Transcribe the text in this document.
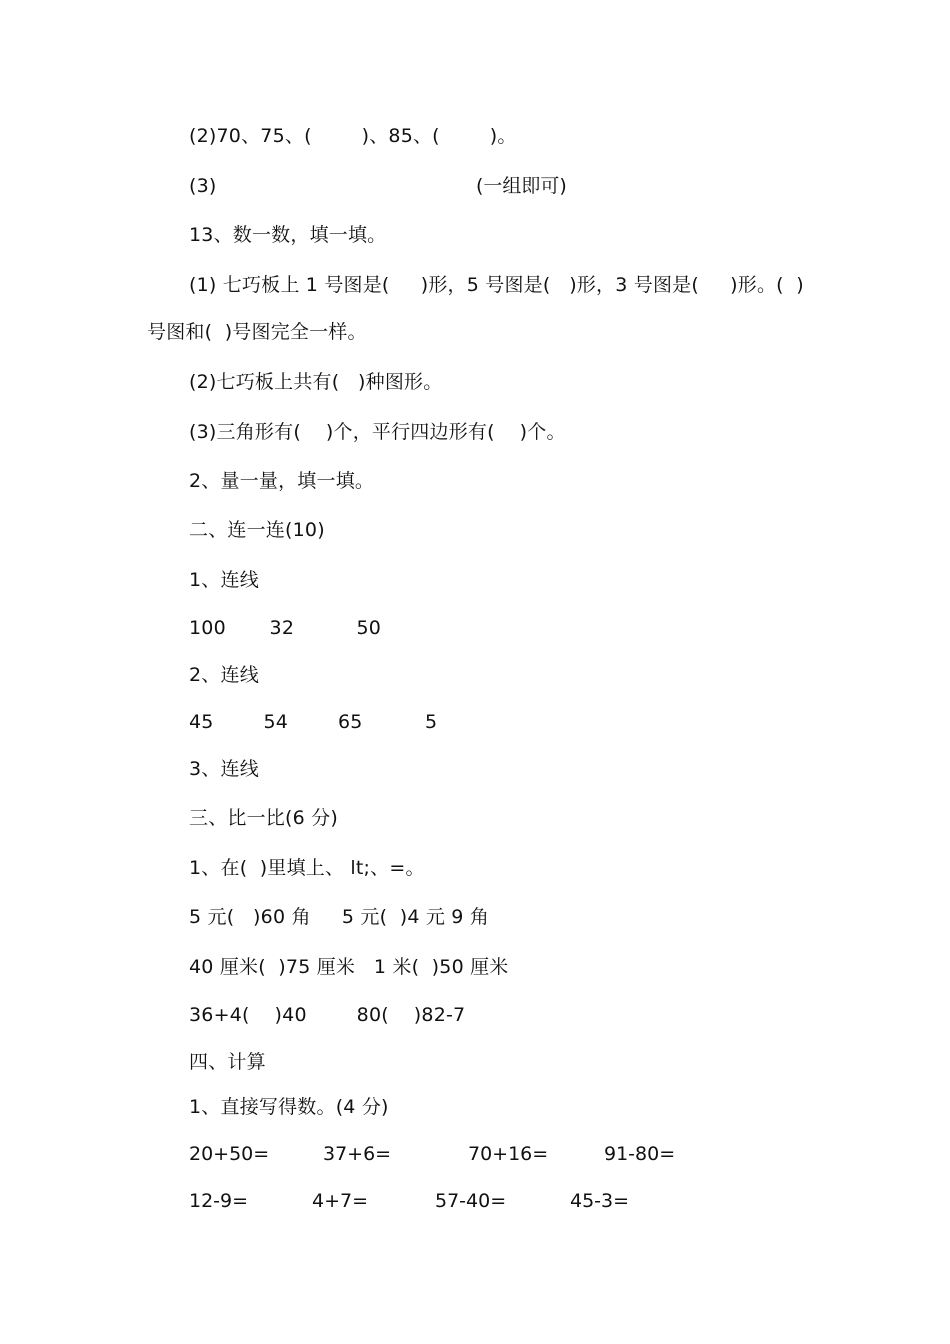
(2)70、75、(        )、85、(        )。
(3)	(一组即可)
13、数一数，填一填。
(1) 七巧板上 1 号图是(     )形，5 号图是(   )形，3 号图是(     )形。(  )
号图和(  )号图完全一样。
(2)七巧板上共有(   )种图形。
(3)三角形有(    )个，平行四边形有(    )个。
2、量一量，填一填。
二、连一连(10)
1、连线
100       32          50
2、连线
45        54        65          5
3、连线
三、比一比(6 分)
1、在(  )里填上、 lt;、=。
5 元(   )60 角     5 元(  )4 元 9 角
40 厘米(  )75 厘米   1 米(  )50 厘米
36+4(    )40        80(    )82-7
四、计算
1、直接写得数。(4 分)
20+50=	37+6=	70+16=	91-80=
12-9=	4+7=	57-40=	45-3=
